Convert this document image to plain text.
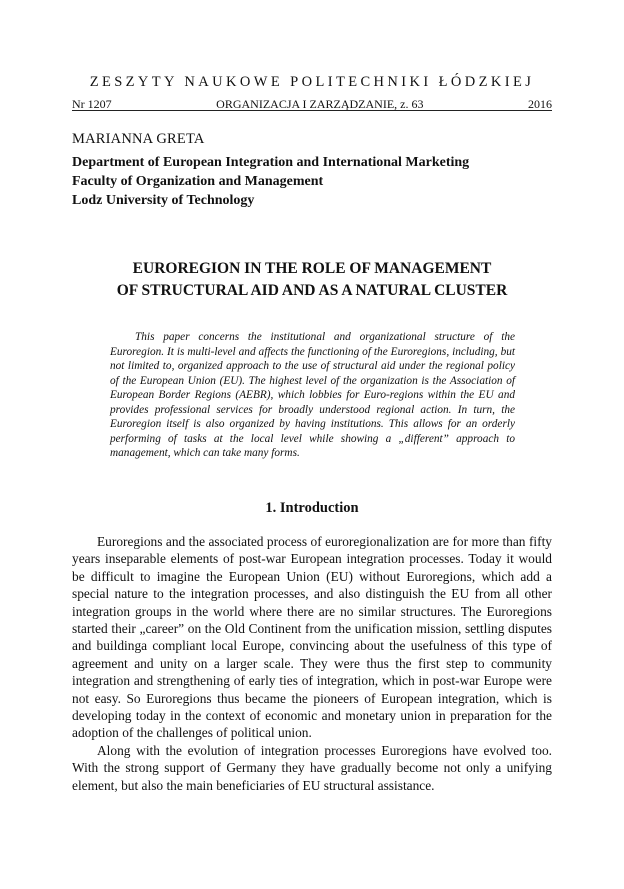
ZESZYTY NAUKOWE POLITECHNIKI ŁÓDZKIEJ
Nr 1207	ORGANIZACJA I ZARZĄDZANIE, z. 63	2016
MARIANNA GRETA
Department of European Integration and International Marketing
Faculty of Organization and Management
Lodz University of Technology
EUROREGION IN THE ROLE OF MANAGEMENT
OF STRUCTURAL AID AND AS A NATURAL CLUSTER
This paper concerns the institutional and organizational structure of the Euroregion. It is multi-level and affects the functioning of the Euroregions, including, but not limited to, organized approach to the use of structural aid under the regional policy of the European Union (EU). The highest level of the organization is the Association of European Border Regions (AEBR), which lobbies for Euro-regions within the EU and provides professional services for broadly understood regional action. In turn, the Euroregion itself is also organized by having institutions. This allows for an orderly performing of tasks at the local level while showing a „different” approach to management, which can take many forms.
1. Introduction

Euroregions and the associated process of euroregionalization are for more than fifty years inseparable elements of post-war European integration processes. Today it would be difficult to imagine the European Union (EU) without Euroregions, which add a special nature to the integration processes, and also distinguish the EU from all other integration groups in the world where there are no similar structures. The Euroregions started their „career” on the Old Continent from the unification mission, settling disputes and buildinga compliant local Europe, convincing about the usefulness of this type of agreement and unity on a larger scale. They were thus the first step to community integration and strengthening of early ties of integration, which in post-war Europe were not easy. So Euroregions thus became the pioneers of European integration, which is developing today in the context of economic and monetary union in preparation for the adoption of the challenges of political union.

Along with the evolution of integration processes Euroregions have evolved too. With the strong support of Germany they have gradually become not only a unifying element, but also the main beneficiaries of EU structural assistance.
